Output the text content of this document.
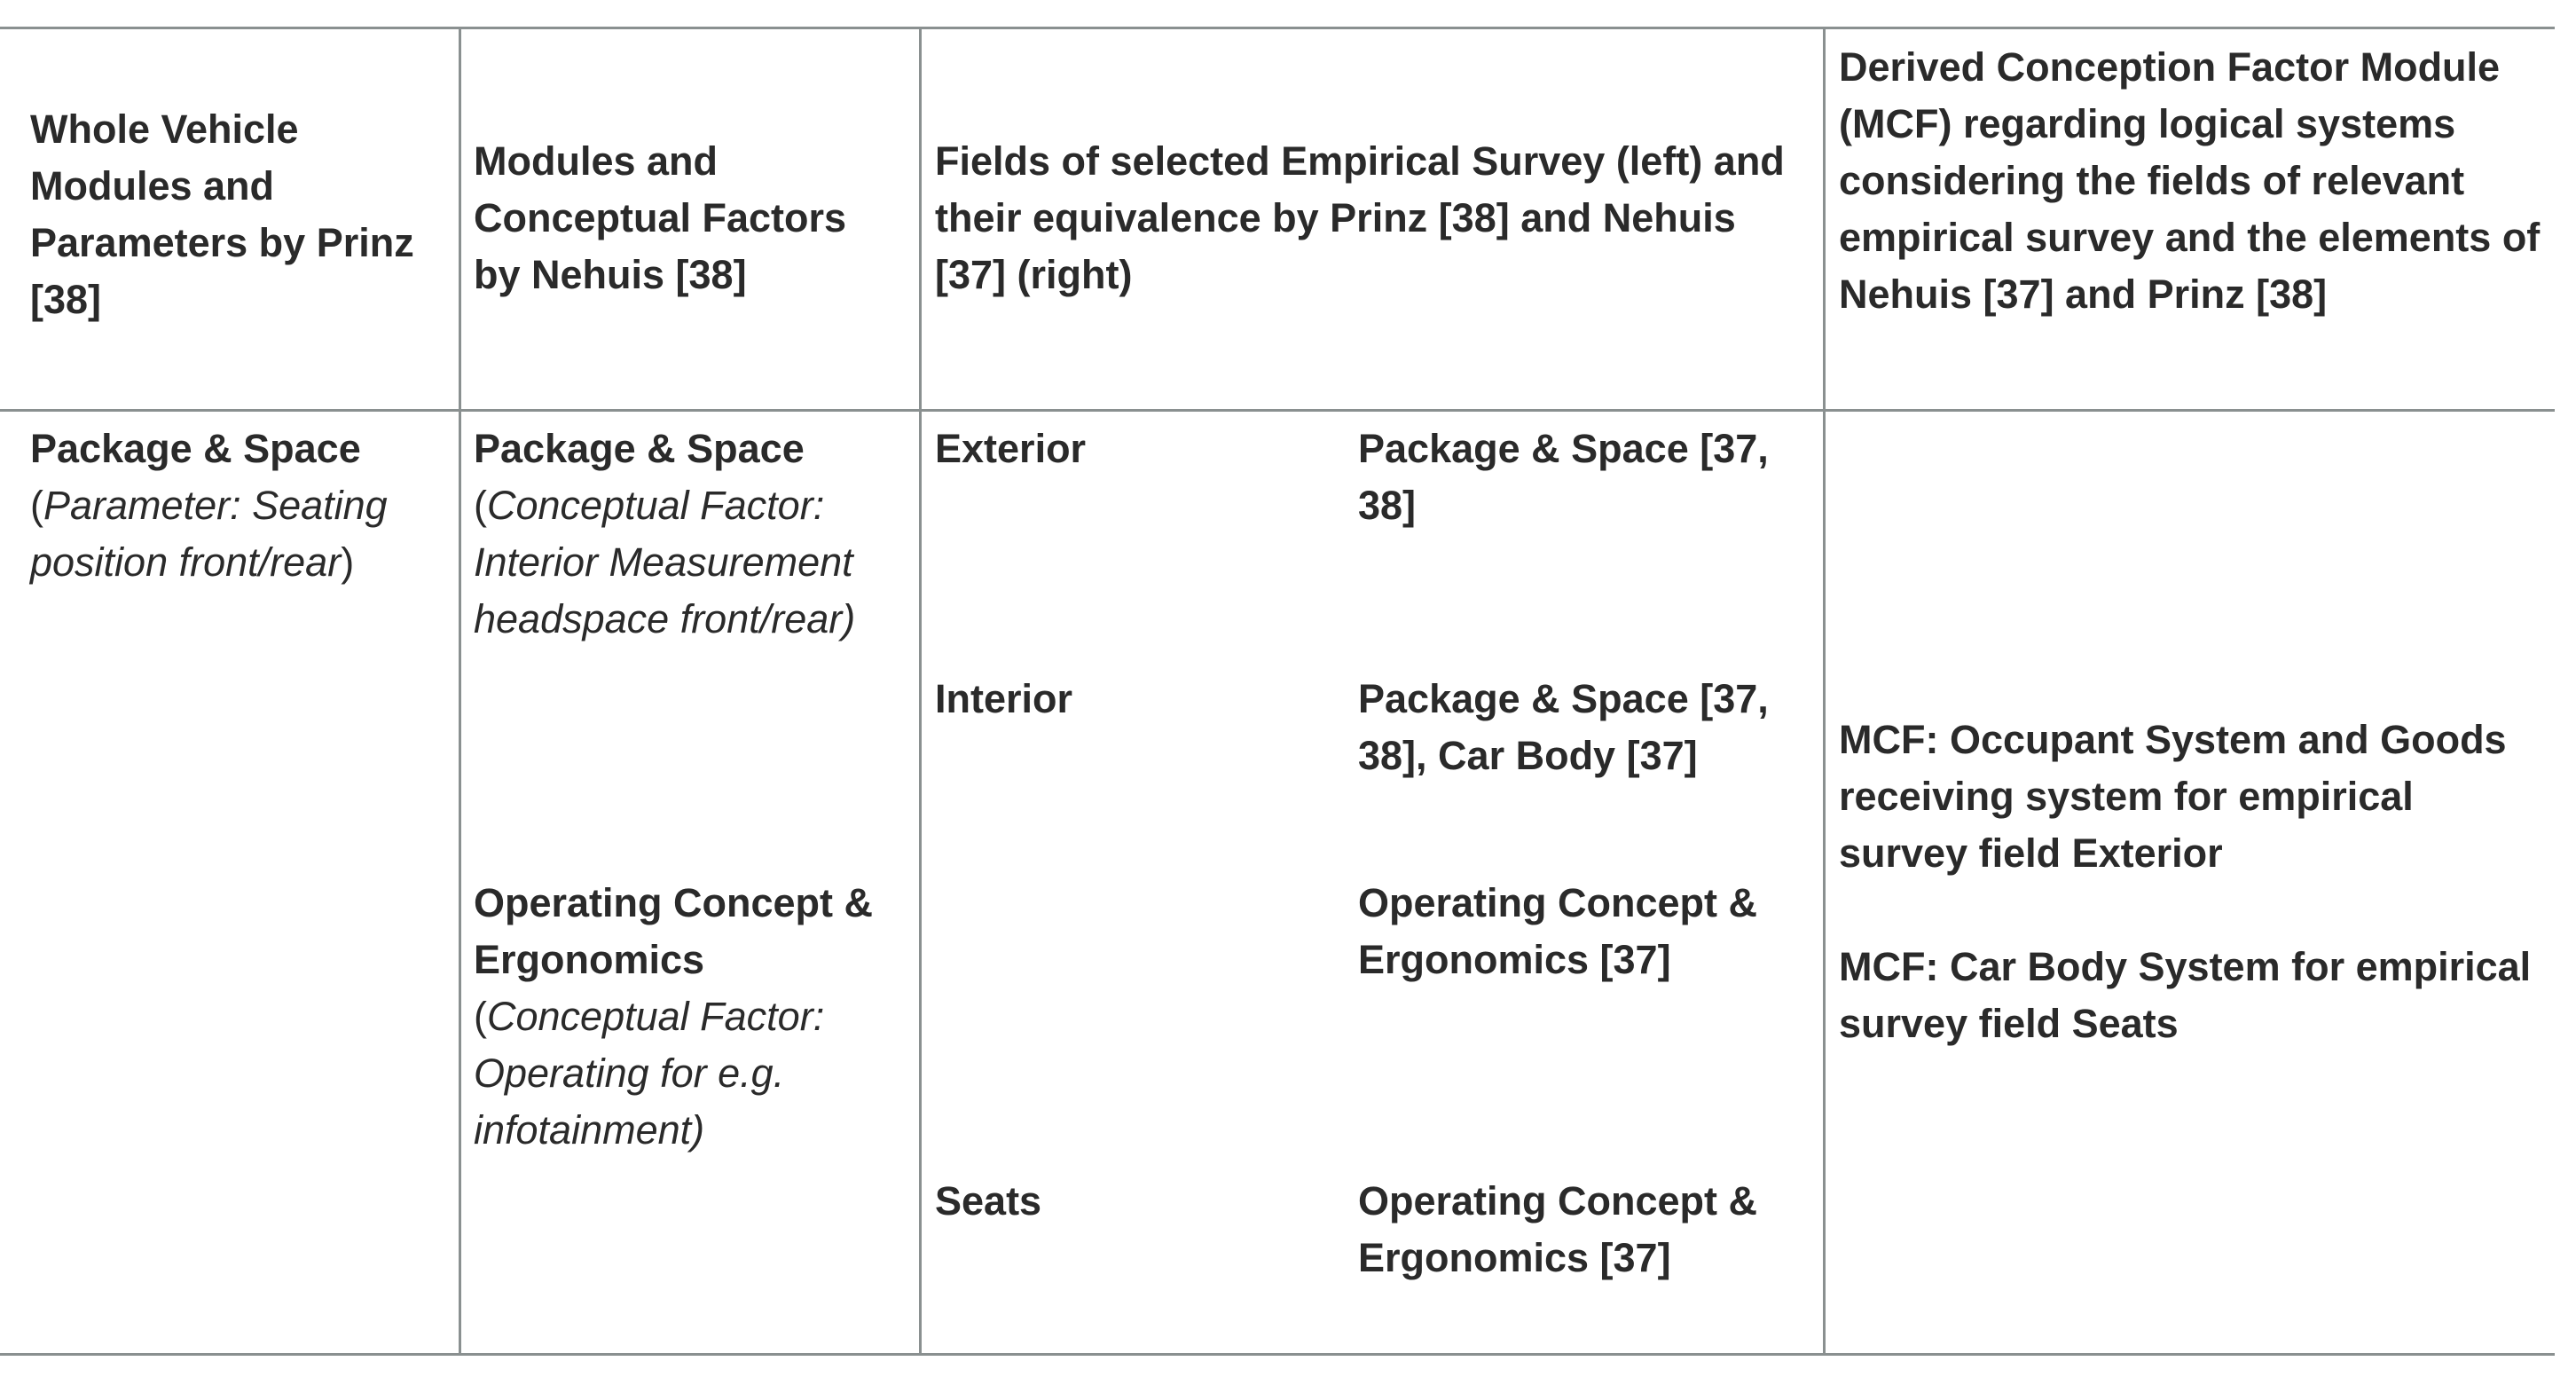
Whole Vehicle Modules and Parameters by Prinz [38]
Modules and Conceptual Factors by Nehuis [38]
Fields of selected Empirical Survey (left) and their equivalence by Prinz [38] and Nehuis [37] (right)
Derived Conception Factor Module (MCF) regarding logical systems considering the fields of relevant empirical survey and the elements of Nehuis [37] and Prinz [38]

Package & Space

(Parameter: Seating position front/rear)

Package & Space

(Conceptual Factor: Interior Measurement headspace front/rear)

Operating Concept & Ergonomics

(Conceptual Factor: Operating for e.g. infotainment)

Exterior
Interior
Seats
Package & Space [37, 38]
Package & Space [37, 38], Car Body [37]
Operating Concept & Ergonomics [37]
Operating Concept & Ergonomics [37]
MCF: Occupant System and Goods receiving system for empirical survey field Exterior
MCF: Car Body System for empirical survey field Seats
